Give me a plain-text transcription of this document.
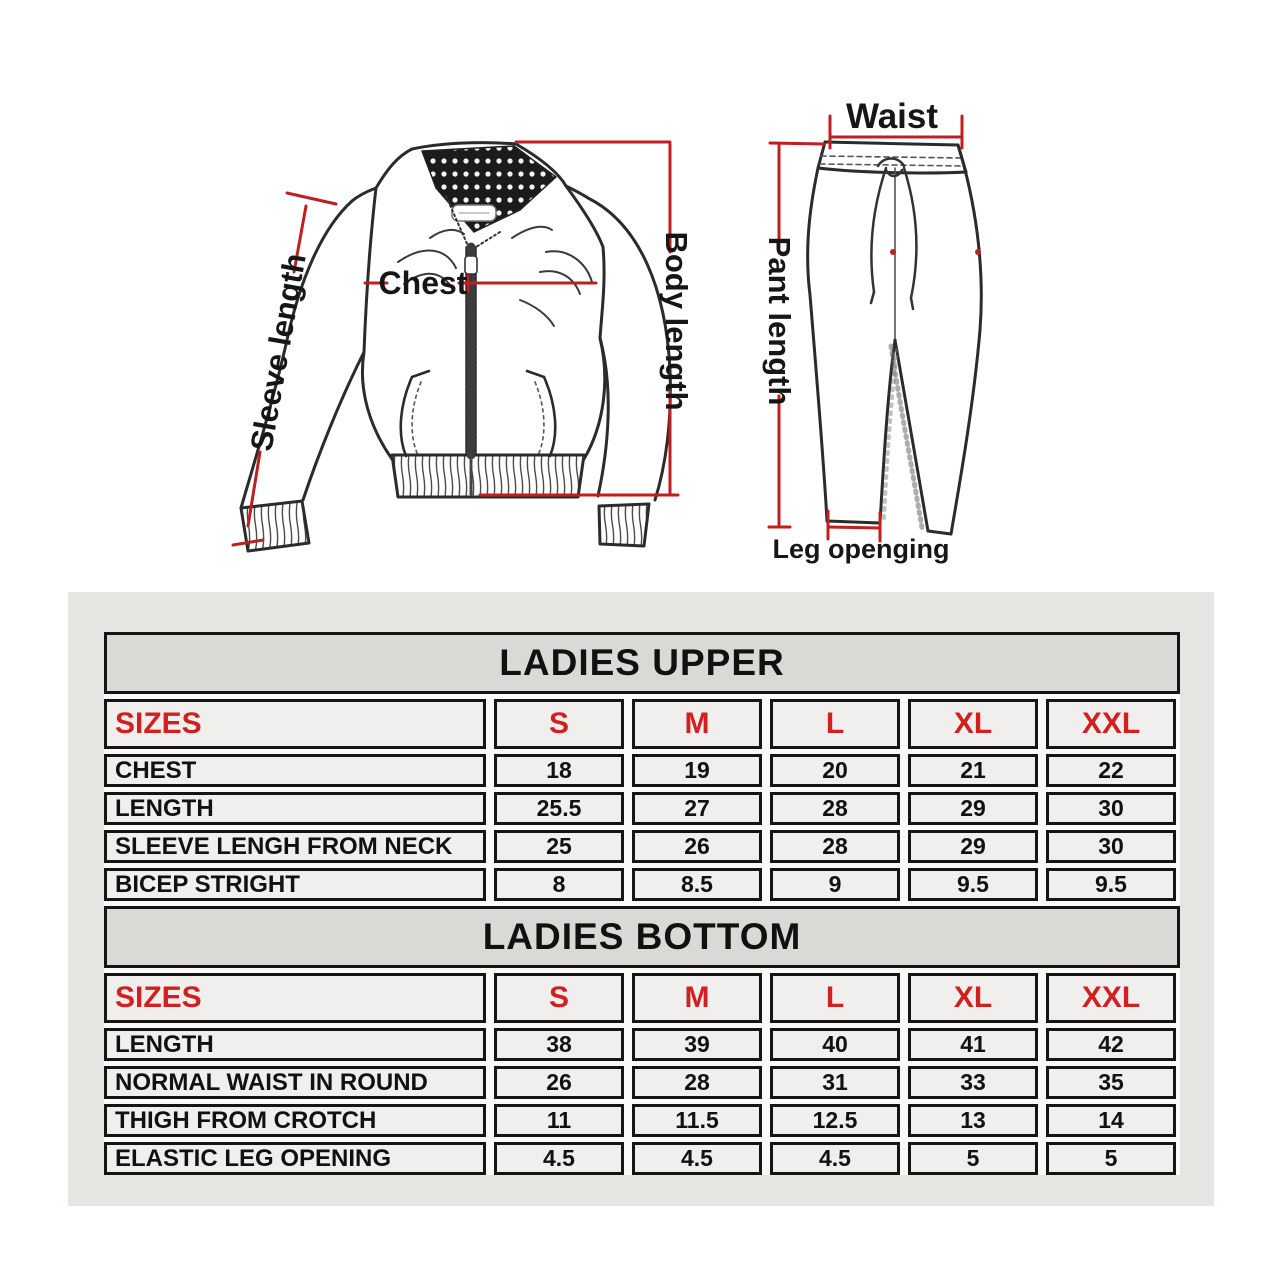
Sleeve length	Chest	Body length
Waist
Pant length
Leg openging
LADIES UPPER
SIZES	S	M	L	XL	XXL
CHEST	18	19	20	21	22
LENGTH	25.5	27	28	29	30
SLEEVE LENGH FROM NECK	25	26	28	29	30
BICEP STRIGHT	8	8.5	9	9.5	9.5
LADIES BOTTOM
SIZES	S	M	L	XL	XXL
LENGTH	38	39	40	41	42
NORMAL WAIST IN ROUND	26	28	31	33	35
THIGH FROM CROTCH	11	11.5	12.5	13	14
ELASTIC LEG OPENING	4.5	4.5	4.5	5	5
